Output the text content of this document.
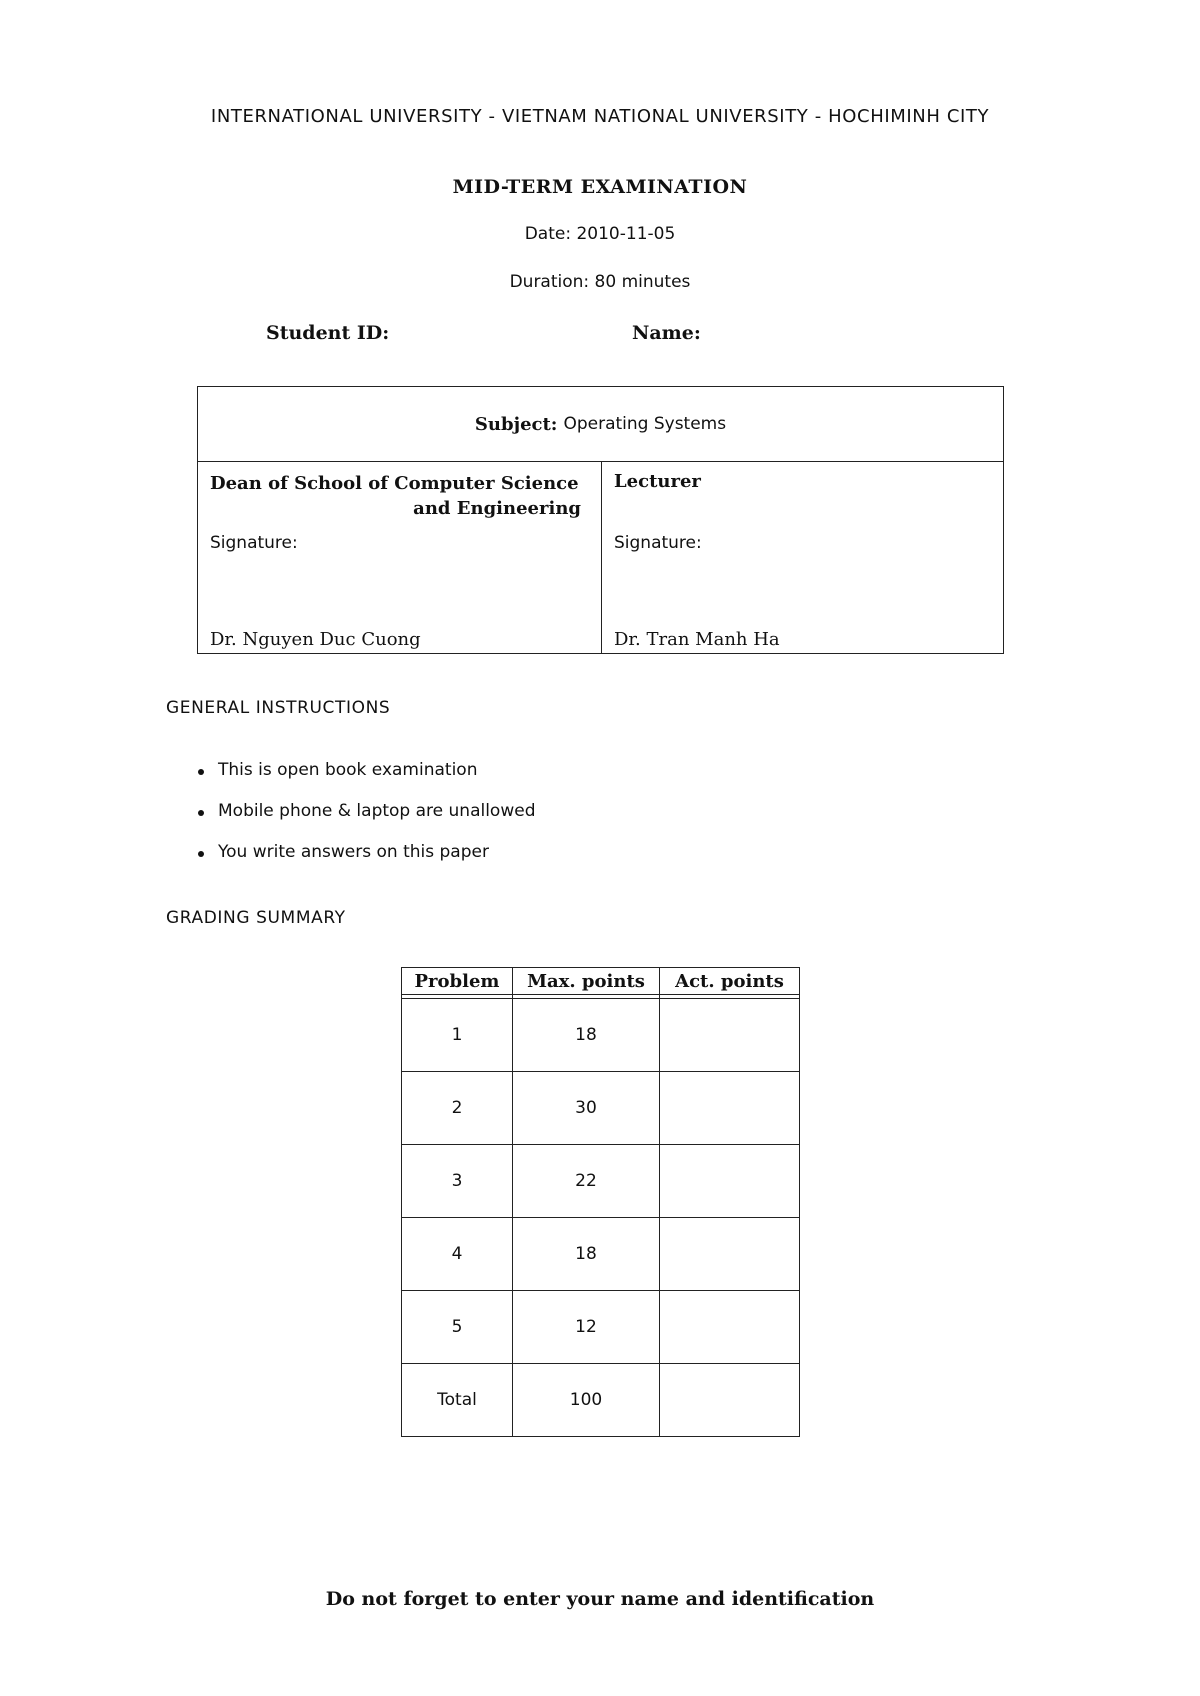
INTERNATIONAL UNIVERSITY - VIETNAM NATIONAL UNIVERSITY - HOCHIMINH CITY
MID-TERM EXAMINATION
Date: 2010-11-05
Duration: 80 minutes
Student ID:	Name:
Subject: Operating Systems
Dean of School of Computer Science
and Engineering
Lecturer
Signature:	Signature:
Dr. Nguyen Duc Cuong	Dr. Tran Manh Ha
GENERAL INSTRUCTIONS
This is open book examination
Mobile phone & laptop are unallowed
You write answers on this paper
GRADING SUMMARY
Problem	Max. points	Act. points

1	18	
2	30	
3	22	
4	18	
5	12	
Total	100	
Do not forget to enter your name and identification
